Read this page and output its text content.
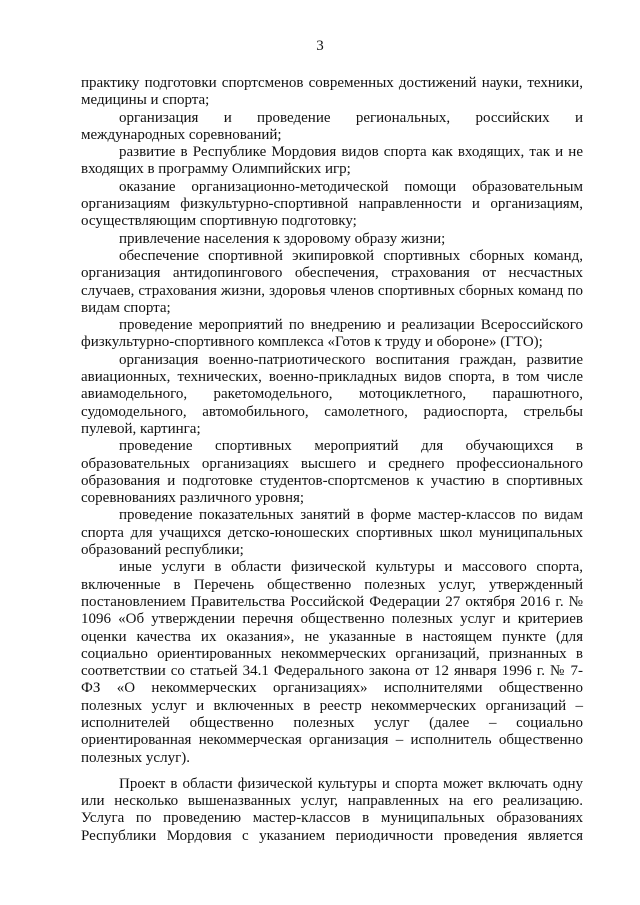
3

практику подготовки спортсменов современных достижений науки, техники, медицины и спорта;

организация и проведение региональных, российских и международных соревнований;

развитие в Республике Мордовия видов спорта как входящих, так и не входящих в программу Олимпийских игр;

оказание организационно-методической помощи образовательным организациям физкультурно-спортивной направленности и организациям, осуществляющим спортивную подготовку;

привлечение населения к здоровому образу жизни;

обеспечение спортивной экипировкой спортивных сборных команд, организация антидопингового обеспечения, страхования от несчастных случаев, страхования жизни, здоровья членов спортивных сборных команд по видам спорта;

проведение мероприятий по внедрению и реализации Всероссийского физкультурно-спортивного комплекса «Готов к труду и обороне» (ГТО);

организация военно-патриотического воспитания граждан, развитие авиационных, технических, военно-прикладных видов спорта, в том числе авиамодельного, ракетомодельного, мотоциклетного, парашютного, судомодельного, автомобильного, самолетного, радиоспорта, стрельбы пулевой, картинга;

проведение спортивных мероприятий для обучающихся в образовательных организациях высшего и среднего профессионального образования и подготовке студентов-спортсменов к участию в спортивных соревнованиях различного уровня;

проведение показательных занятий в форме мастер-классов по видам спорта для учащихся детско-юношеских спортивных школ муниципальных образований республики;

иные услуги в области физической культуры и массового спорта, включенные в Перечень общественно полезных услуг, утвержденный постановлением Правительства Российской Федерации 27 октября 2016 г. № 1096 «Об утверждении перечня общественно полезных услуг и критериев оценки качества их оказания», не указанные в настоящем пункте (для социально ориентированных некоммерческих организаций, признанных в соответствии со статьей 34.1 Федерального закона от 12 января 1996 г. № 7-ФЗ «О некоммерческих организациях» исполнителями общественно полезных услуг и включенных в реестр некоммерческих организаций – исполнителей общественно полезных услуг (далее – социально ориентированная некоммерческая организация – исполнитель общественно полезных услуг).

Проект в области физической культуры и спорта может включать одну или несколько вышеназванных услуг, направленных на его реализацию. Услуга по проведению мастер-классов в муниципальных образованиях Республики Мордовия с указанием периодичности проведения является
